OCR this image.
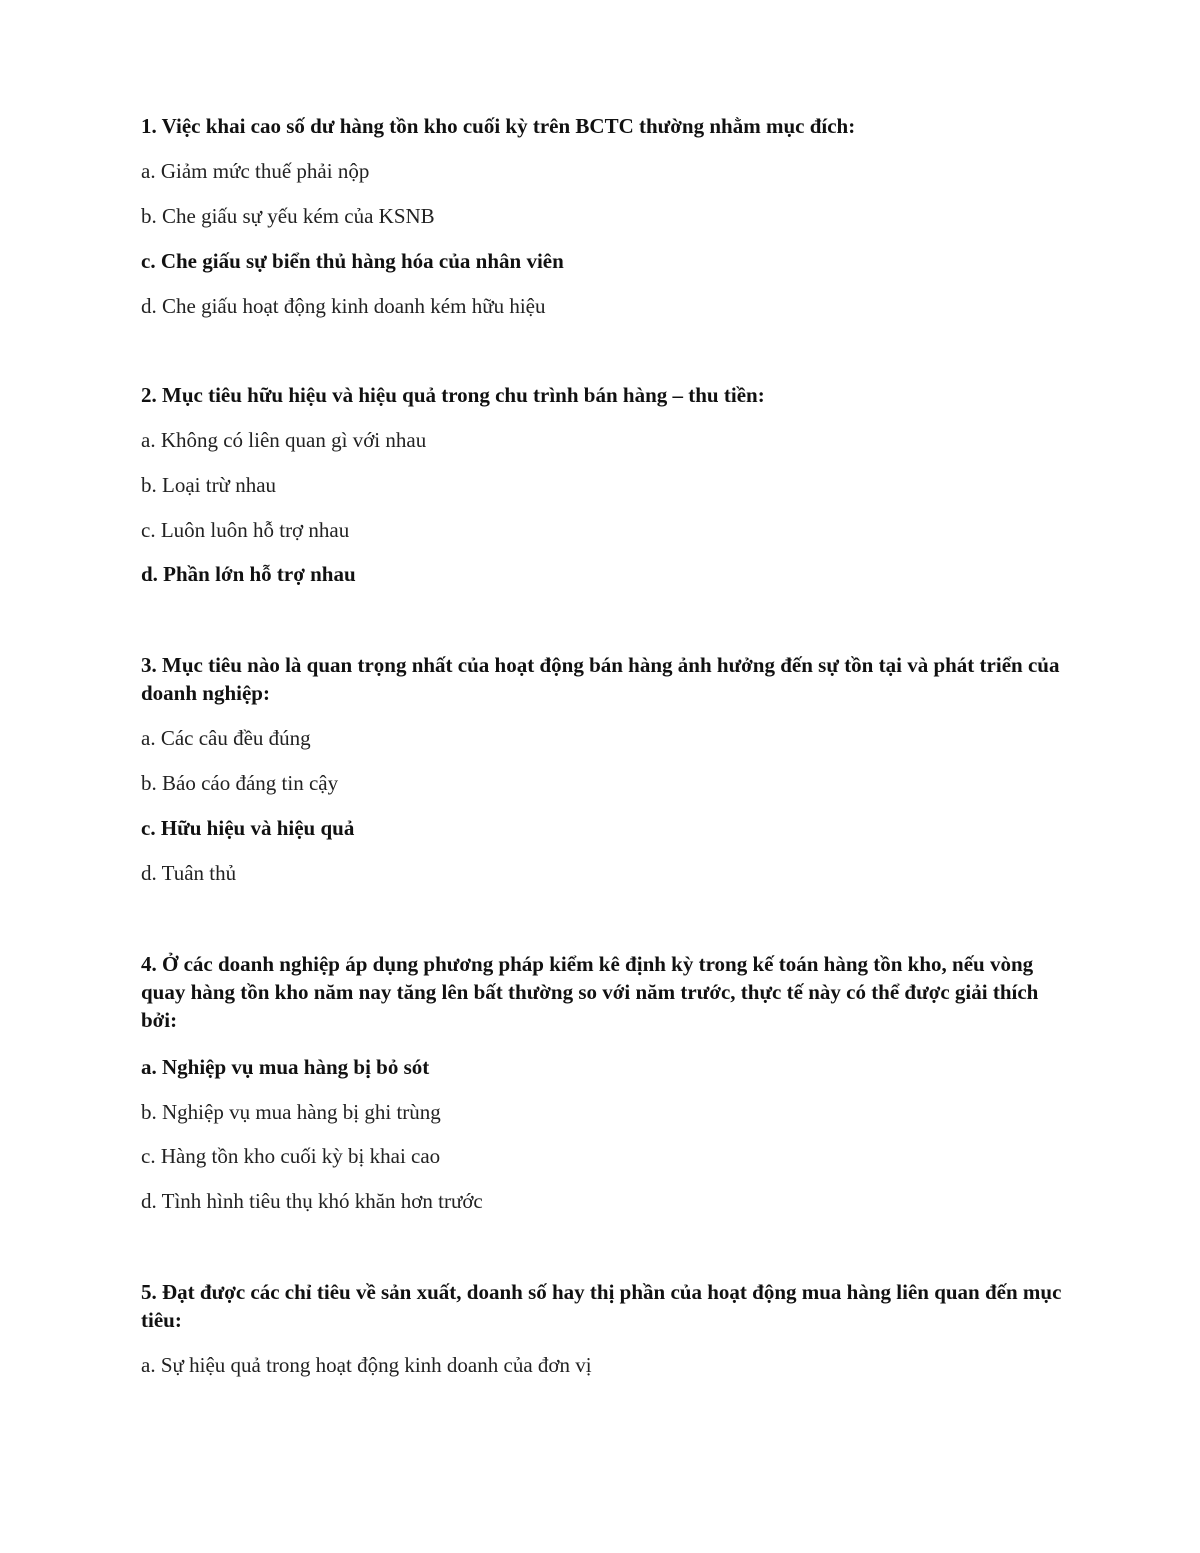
1. Việc khai cao số dư hàng tồn kho cuối kỳ trên BCTC thường nhằm mục đích:
a. Giảm mức thuế phải nộp
b. Che giấu sự yếu kém của KSNB
c. Che giấu sự biển thủ hàng hóa của nhân viên
d. Che giấu hoạt động kinh doanh kém hữu hiệu
2. Mục tiêu hữu hiệu và hiệu quả trong chu trình bán hàng – thu tiền:
a. Không có liên quan gì với nhau
b. Loại trừ nhau
c. Luôn luôn hỗ trợ nhau
d. Phần lớn hỗ trợ nhau
3. Mục tiêu nào là quan trọng nhất của hoạt động bán hàng ảnh hưởng đến sự tồn tại và phát triển của doanh nghiệp:
a. Các câu đều đúng
b. Báo cáo đáng tin cậy
c. Hữu hiệu và hiệu quả
d. Tuân thủ
4. Ở các doanh nghiệp áp dụng phương pháp kiểm kê định kỳ trong kế toán hàng tồn kho, nếu vòng quay hàng tồn kho năm nay tăng lên bất thường so với năm trước, thực tế này có thể được giải thích bởi:
a. Nghiệp vụ mua hàng bị bỏ sót
b. Nghiệp vụ mua hàng bị ghi trùng
c. Hàng tồn kho cuối kỳ bị khai cao
d. Tình hình tiêu thụ khó khăn hơn trước
5. Đạt được các chỉ tiêu về sản xuất, doanh số hay thị phần của hoạt động mua hàng liên quan đến mục tiêu:
a. Sự hiệu quả trong hoạt động kinh doanh của đơn vị
